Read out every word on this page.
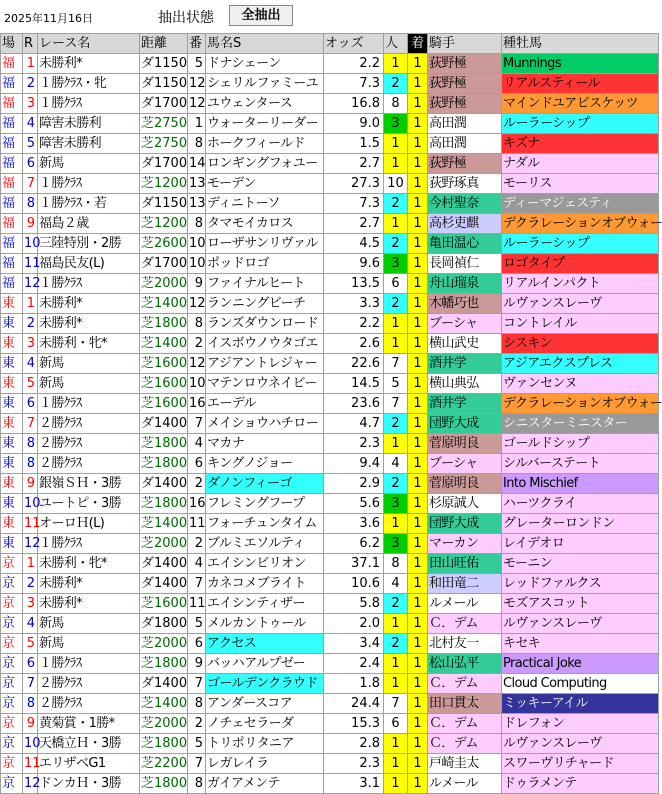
2025年11月16日	抽出状態	全抽出
場	R	レース名	距離	番	馬名S	オッズ	人	着	騎手	種牡馬
福	1	未勝利*	ダ1150	5	ドナシェーン	2.2	1	1	荻野極	Munnings
福	2	１勝ｸﾗｽ・牝	ダ1150	12	シェリルファミーユ	7.3	2	1	荻野極	リアルスティール
福	3	１勝ｸﾗｽ	ダ1700	12	ユウェンタース	16.8	8	1	荻野極	マインドユアビスケッツ
福	4	障害未勝利	芝2750	1	ウォーターリーダー	9.0	3	1	高田潤	ルーラーシップ
福	5	障害未勝利	芝2750	8	ホークフィールド	1.5	1	1	高田潤	キズナ
福	6	新馬	ダ1700	14	ロンギングフォユー	2.7	1	1	荻野極	ナダル
福	7	１勝ｸﾗｽ	芝1200	13	モーデン	27.3	10	1	荻野琢真	モーリス
福	8	１勝ｸﾗｽ・若	ダ1150	13	ディニトーソ	7.3	2	1	今村聖奈	ディーマジェスティ
福	9	福島２歳	芝1200	8	タマモイカロス	2.7	1	1	高杉吏麒	デクラレーションオブウォー
福	10	三陸特別・2勝	芝2600	10	ローザサンリヴァル	4.5	2	1	亀田温心	ルーラーシップ
福	11	福島民友(L)	ダ1700	10	ポッドロゴ	9.6	3	1	長岡禎仁	ロゴタイプ
福	12	１勝ｸﾗｽ	芝2000	9	ファイナルヒート	13.5	6	1	舟山瑠泉	リアルインパクト
東	1	未勝利*	芝1400	12	ランニングビーチ	3.3	2	1	木幡巧也	ルヴァンスレーヴ
東	2	未勝利*	芝1800	8	ランズダウンロード	2.2	1	1	ブーシャ	コントレイル
東	3	未勝利・牝*	芝1400	2	イスボウノウタゴエ	2.6	1	1	横山武史	シスキン
東	4	新馬	芝1600	12	アジアントレジャー	22.6	7	1	酒井学	アジアエクスプレス
東	5	新馬	芝1600	10	マテンロウネイビー	14.5	5	1	横山典弘	ヴァンセンヌ
東	6	１勝ｸﾗｽ	芝1600	16	エーデル	23.6	7	1	酒井学	デクラレーションオブウォー
東	7	２勝ｸﾗｽ	ダ1400	7	メイショウハチロー	4.7	2	1	団野大成	シニスターミニスター
東	8	２勝ｸﾗｽ	芝1800	4	マカナ	2.3	1	1	菅原明良	ゴールドシップ
東	8	２勝ｸﾗｽ	芝1800	6	キングノジョー	9.4	4	1	ブーシャ	シルバーステート
東	9	銀嶺ＳＨ・3勝	ダ1400	2	ダノンフィーゴ	2.9	2	1	菅原明良	Into Mischief
東	10	ユートピ・3勝	芝1800	16	フレミングフープ	5.6	3	1	杉原誠人	ハーツクライ
東	11	オーロＨ(L)	芝1400	11	フォーチュンタイム	3.6	1	1	団野大成	グレーターロンドン
東	12	１勝ｸﾗｽ	芝2000	2	ブルミエソルティ	6.2	3	1	マーカン	レイデオロ
京	1	未勝利・牝*	ダ1400	4	エイシンビリオン	37.1	8	1	田山旺佑	モーニン
京	2	未勝利*	ダ1400	7	カネコメブライト	10.6	4	1	和田竜二	レッドファルクス
京	3	未勝利*	芝1600	11	エイシンティザー	5.8	2	1	ルメール	モズアスコット
京	4	新馬	ダ1800	5	メルカントゥール	2.0	1	1	Ｃ．デム	ルヴァンスレーヴ
京	5	新馬	芝2000	6	アクセス	3.4	2	1	北村友一	キセキ
京	6	１勝ｸﾗｽ	芝1800	9	バッハアルプゼー	2.4	1	1	松山弘平	Practical Joke
京	7	２勝ｸﾗｽ	ダ1400	7	ゴールデンクラウド	1.8	1	1	Ｃ．デム	Cloud Computing
京	8	２勝ｸﾗｽ	芝1400	8	アンダースコア	24.4	7	1	田口貫太	ミッキーアイル
京	9	黄菊賞・1勝*	芝2000	2	ノチェセラーダ	15.3	6	1	Ｃ．デム	ドレフォン
京	10	天橋立Ｈ・3勝	芝1800	5	トリポリタニア	2.8	1	1	Ｃ．デム	ルヴァンスレーヴ
京	11	エリザベG1	芝2200	7	レガレイラ	2.3	1	1	戸崎圭太	スワーヴリチャード
京	12	ドンカＨ・3勝	芝1800	8	ガイアメンテ	3.1	1	1	ルメール	ドゥラメンテ
